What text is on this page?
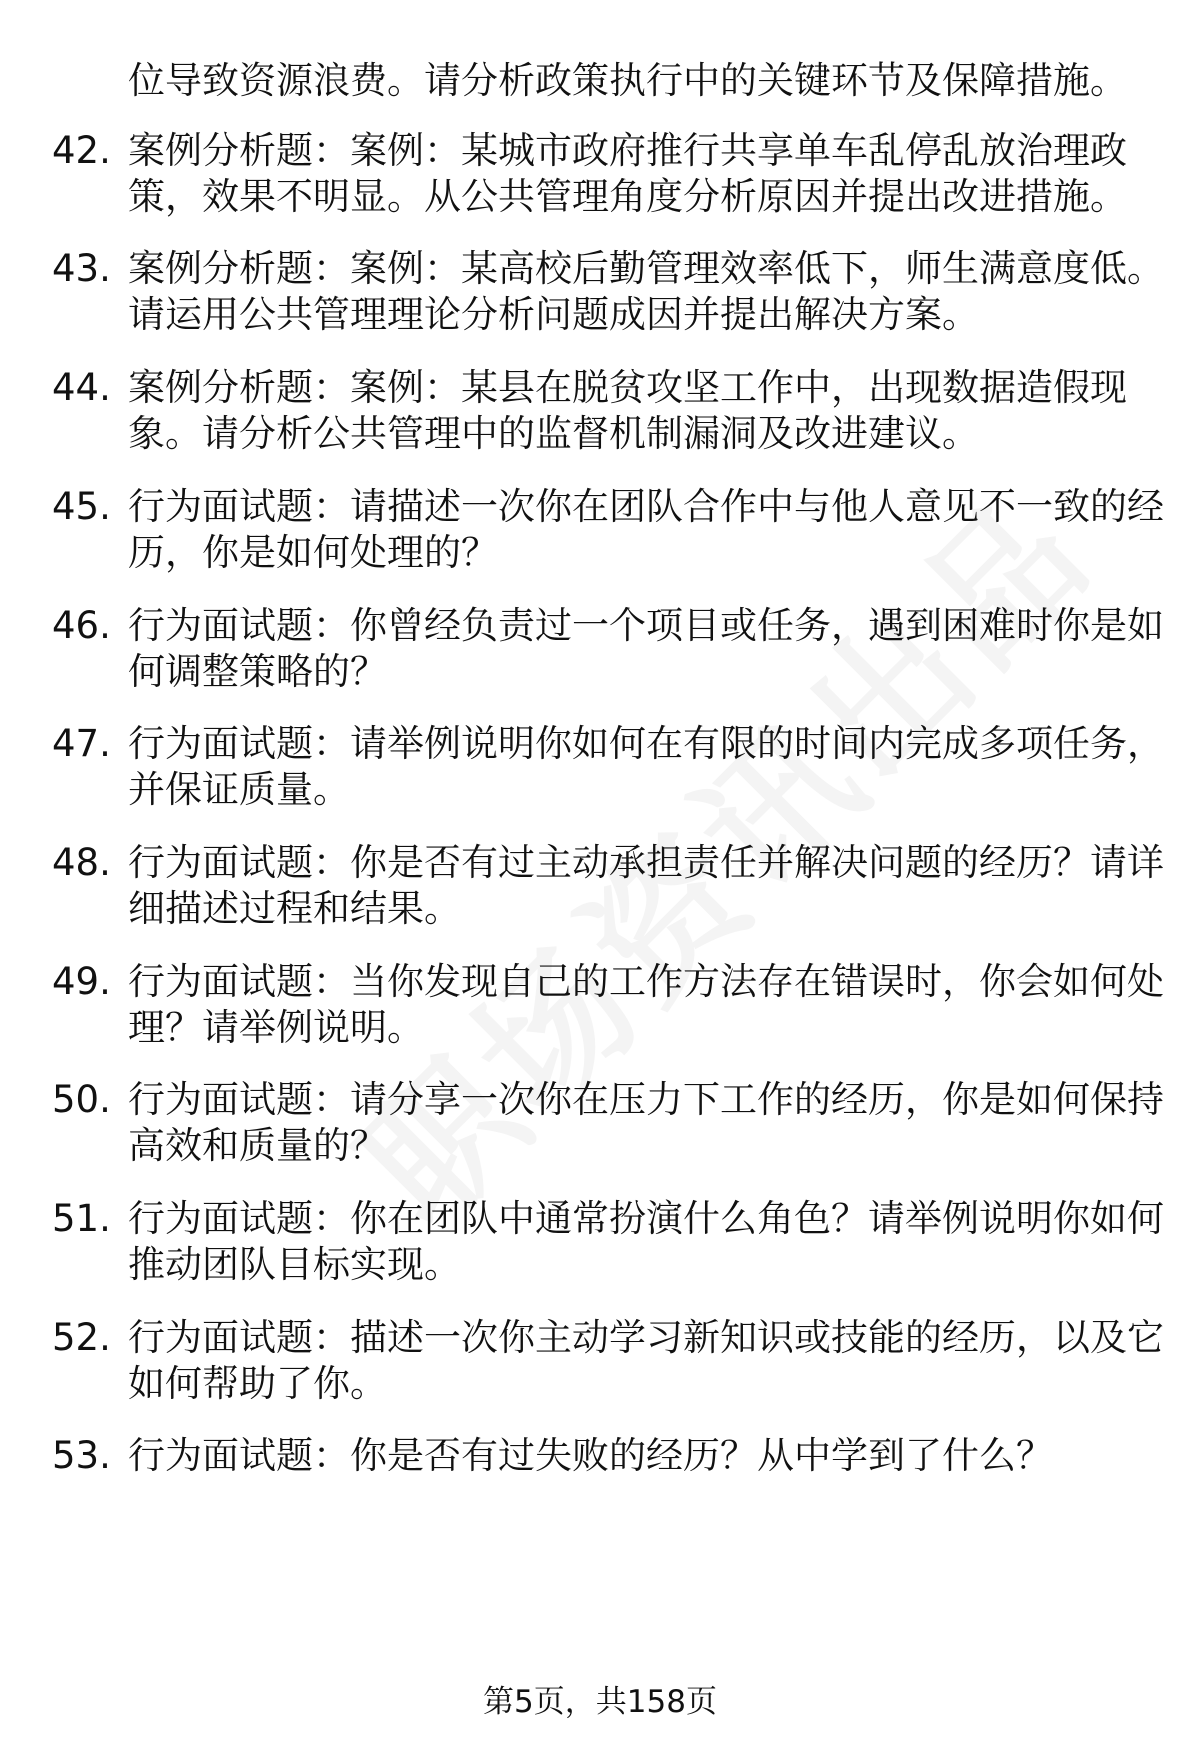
位导致资源浪费。请分析政策执行中的关键环节及保障措施。
42. 案例分析题：案例：某城市政府推行共享单车乱停乱放治理政
策，效果不明显。从公共管理角度分析原因并提出改进措施。
43. 案例分析题：案例：某高校后勤管理效率低下，师生满意度低。
请运用公共管理理论分析问题成因并提出解决方案。
44. 案例分析题：案例：某县在脱贫攻坚工作中，出现数据造假现
象。请分析公共管理中的监督机制漏洞及改进建议。
45. 行为面试题：请描述一次你在团队合作中与他人意见不一致的经
历，你是如何处理的？
46. 行为面试题：你曾经负责过一个项目或任务，遇到困难时你是如
何调整策略的？
47. 行为面试题：请举例说明你如何在有限的时间内完成多项任务，
并保证质量。
48. 行为面试题：你是否有过主动承担责任并解决问题的经历？请详
细描述过程和结果。
49. 行为面试题：当你发现自己的工作方法存在错误时，你会如何处
理？请举例说明。
50. 行为面试题：请分享一次你在压力下工作的经历，你是如何保持
高效和质量的？
51. 行为面试题：你在团队中通常扮演什么角色？请举例说明你如何
推动团队目标实现。
52. 行为面试题：描述一次你主动学习新知识或技能的经历，以及它
如何帮助了你。
53. 行为面试题：你是否有过失败的经历？从中学到了什么？
第5页，共158页
